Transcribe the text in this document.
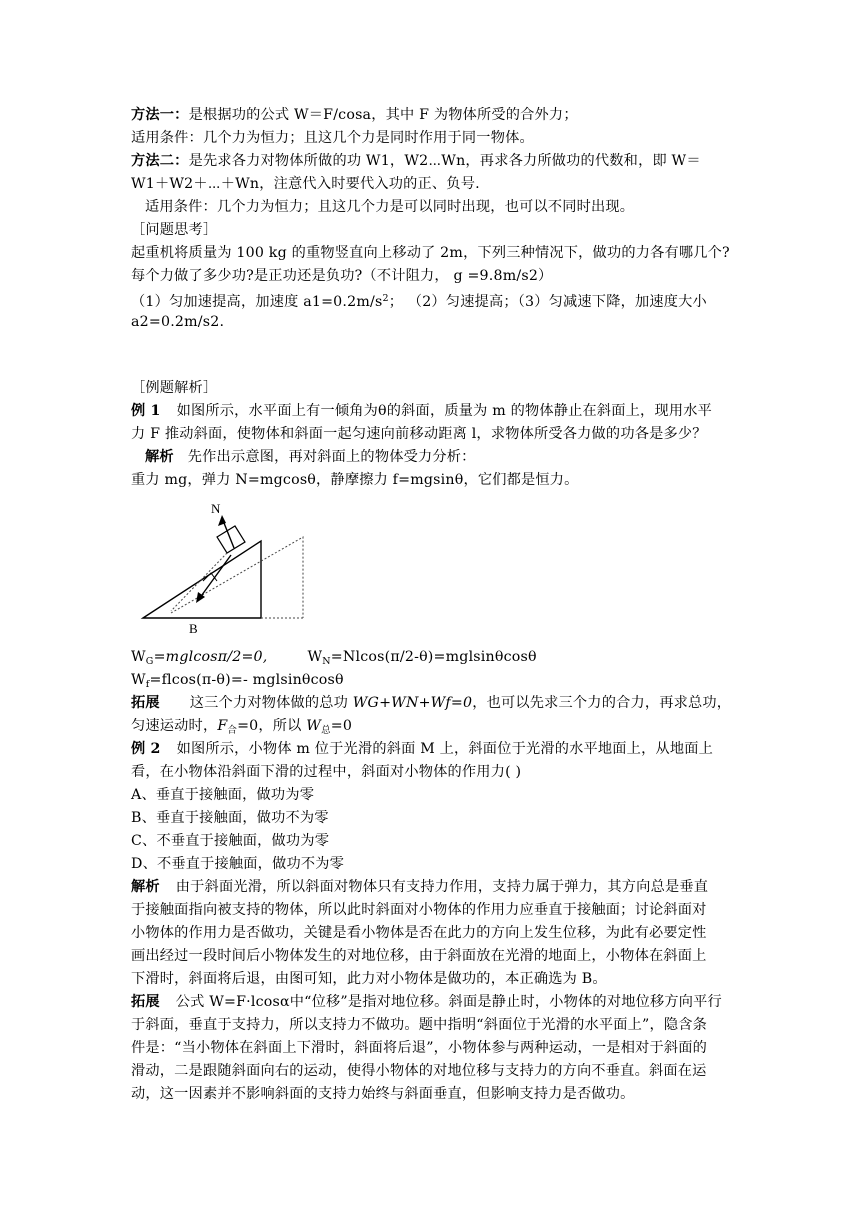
方法一：是根据功的公式 W＝F/cosa，其中 F 为物体所受的合外力；
适用条件：几个力为恒力；且这几个力是同时作用于同一物体。
方法二：是先求各力对物体所做的功 W1，W2⋯Wn，再求各力所做功的代数和，即 W＝
W1＋W2＋⋯＋Wn，注意代入时要代入功的正、负号.
适用条件：几个力为恒力；且这几个力是可以同时出现，也可以不同时出现。
［问题思考］
起重机将质量为 100 kg 的重物竖直向上移动了 2m，下列三种情况下，做功的力各有哪几个?
每个力做了多少功?是正功还是负功?（不计阻力， g =9.8m/s2）
（1）匀加速提高，加速度 $a1=0.2m/s^2$； （2）匀速提高；（3）匀减速下降，加速度大小
a2=0.2m/s2.
［例题解析］
例 1 如图所示，水平面上有一倾角为θ的斜面，质量为 m 的物体静止在斜面上，现用水平
力 F 推动斜面，使物体和斜面一起匀速向前移动距离 l，求物体所受各力做的功各是多少？
解析 先作出示意图，再对斜面上的物体受力分析：
重力 mg，弹力 N=mgcosθ，静摩擦力 f=mgsinθ，它们都是恒力。
N
B
$W_G=mglcos\pi/2=0$,	$W_N=Nlcos(\pi/2-\theta)=mglsin\theta\cos\theta$
$W_f=flcos(\pi-\theta)=-$ mglsinθcosθ
拓展 这三个力对物体做的总功 WG+WN+Wf=0，也可以先求三个力的合力，再求总功，
匀速运动时，$F_合=0$，所以 $W_总=0$
例 2 如图所示，小物体 m 位于光滑的斜面 M 上，斜面位于光滑的水平地面上，从地面上
看，在小物体沿斜面下滑的过程中，斜面对小物体的作用力( )
A、垂直于接触面，做功为零
B、垂直于接触面，做功不为零
C、不垂直于接触面，做功为零
D、不垂直于接触面，做功不为零
解析 由于斜面光滑，所以斜面对物体只有支持力作用，支持力属于弹力，其方向总是垂直
于接触面指向被支持的物体，所以此时斜面对小物体的作用力应垂直于接触面；讨论斜面对
小物体的作用力是否做功，关键是看小物体是否在此力的方向上发生位移，为此有必要定性
画出经过一段时间后小物体发生的对地位移，由于斜面放在光滑的地面上，小物体在斜面上
下滑时，斜面将后退，由图可知，此力对小物体是做功的，本正确选为 B。
拓展 公式 W=F·lcosα中“位移”是指对地位移。斜面是静止时，小物体的对地位移方向平行
于斜面，垂直于支持力，所以支持力不做功。题中指明“斜面位于光滑的水平面上”，隐含条
件是：“当小物体在斜面上下滑时，斜面将后退”，小物体参与两种运动，一是相对于斜面的
滑动，二是跟随斜面向右的运动，使得小物体的对地位移与支持力的方向不垂直。斜面在运
动，这一因素并不影响斜面的支持力始终与斜面垂直，但影响支持力是否做功。
